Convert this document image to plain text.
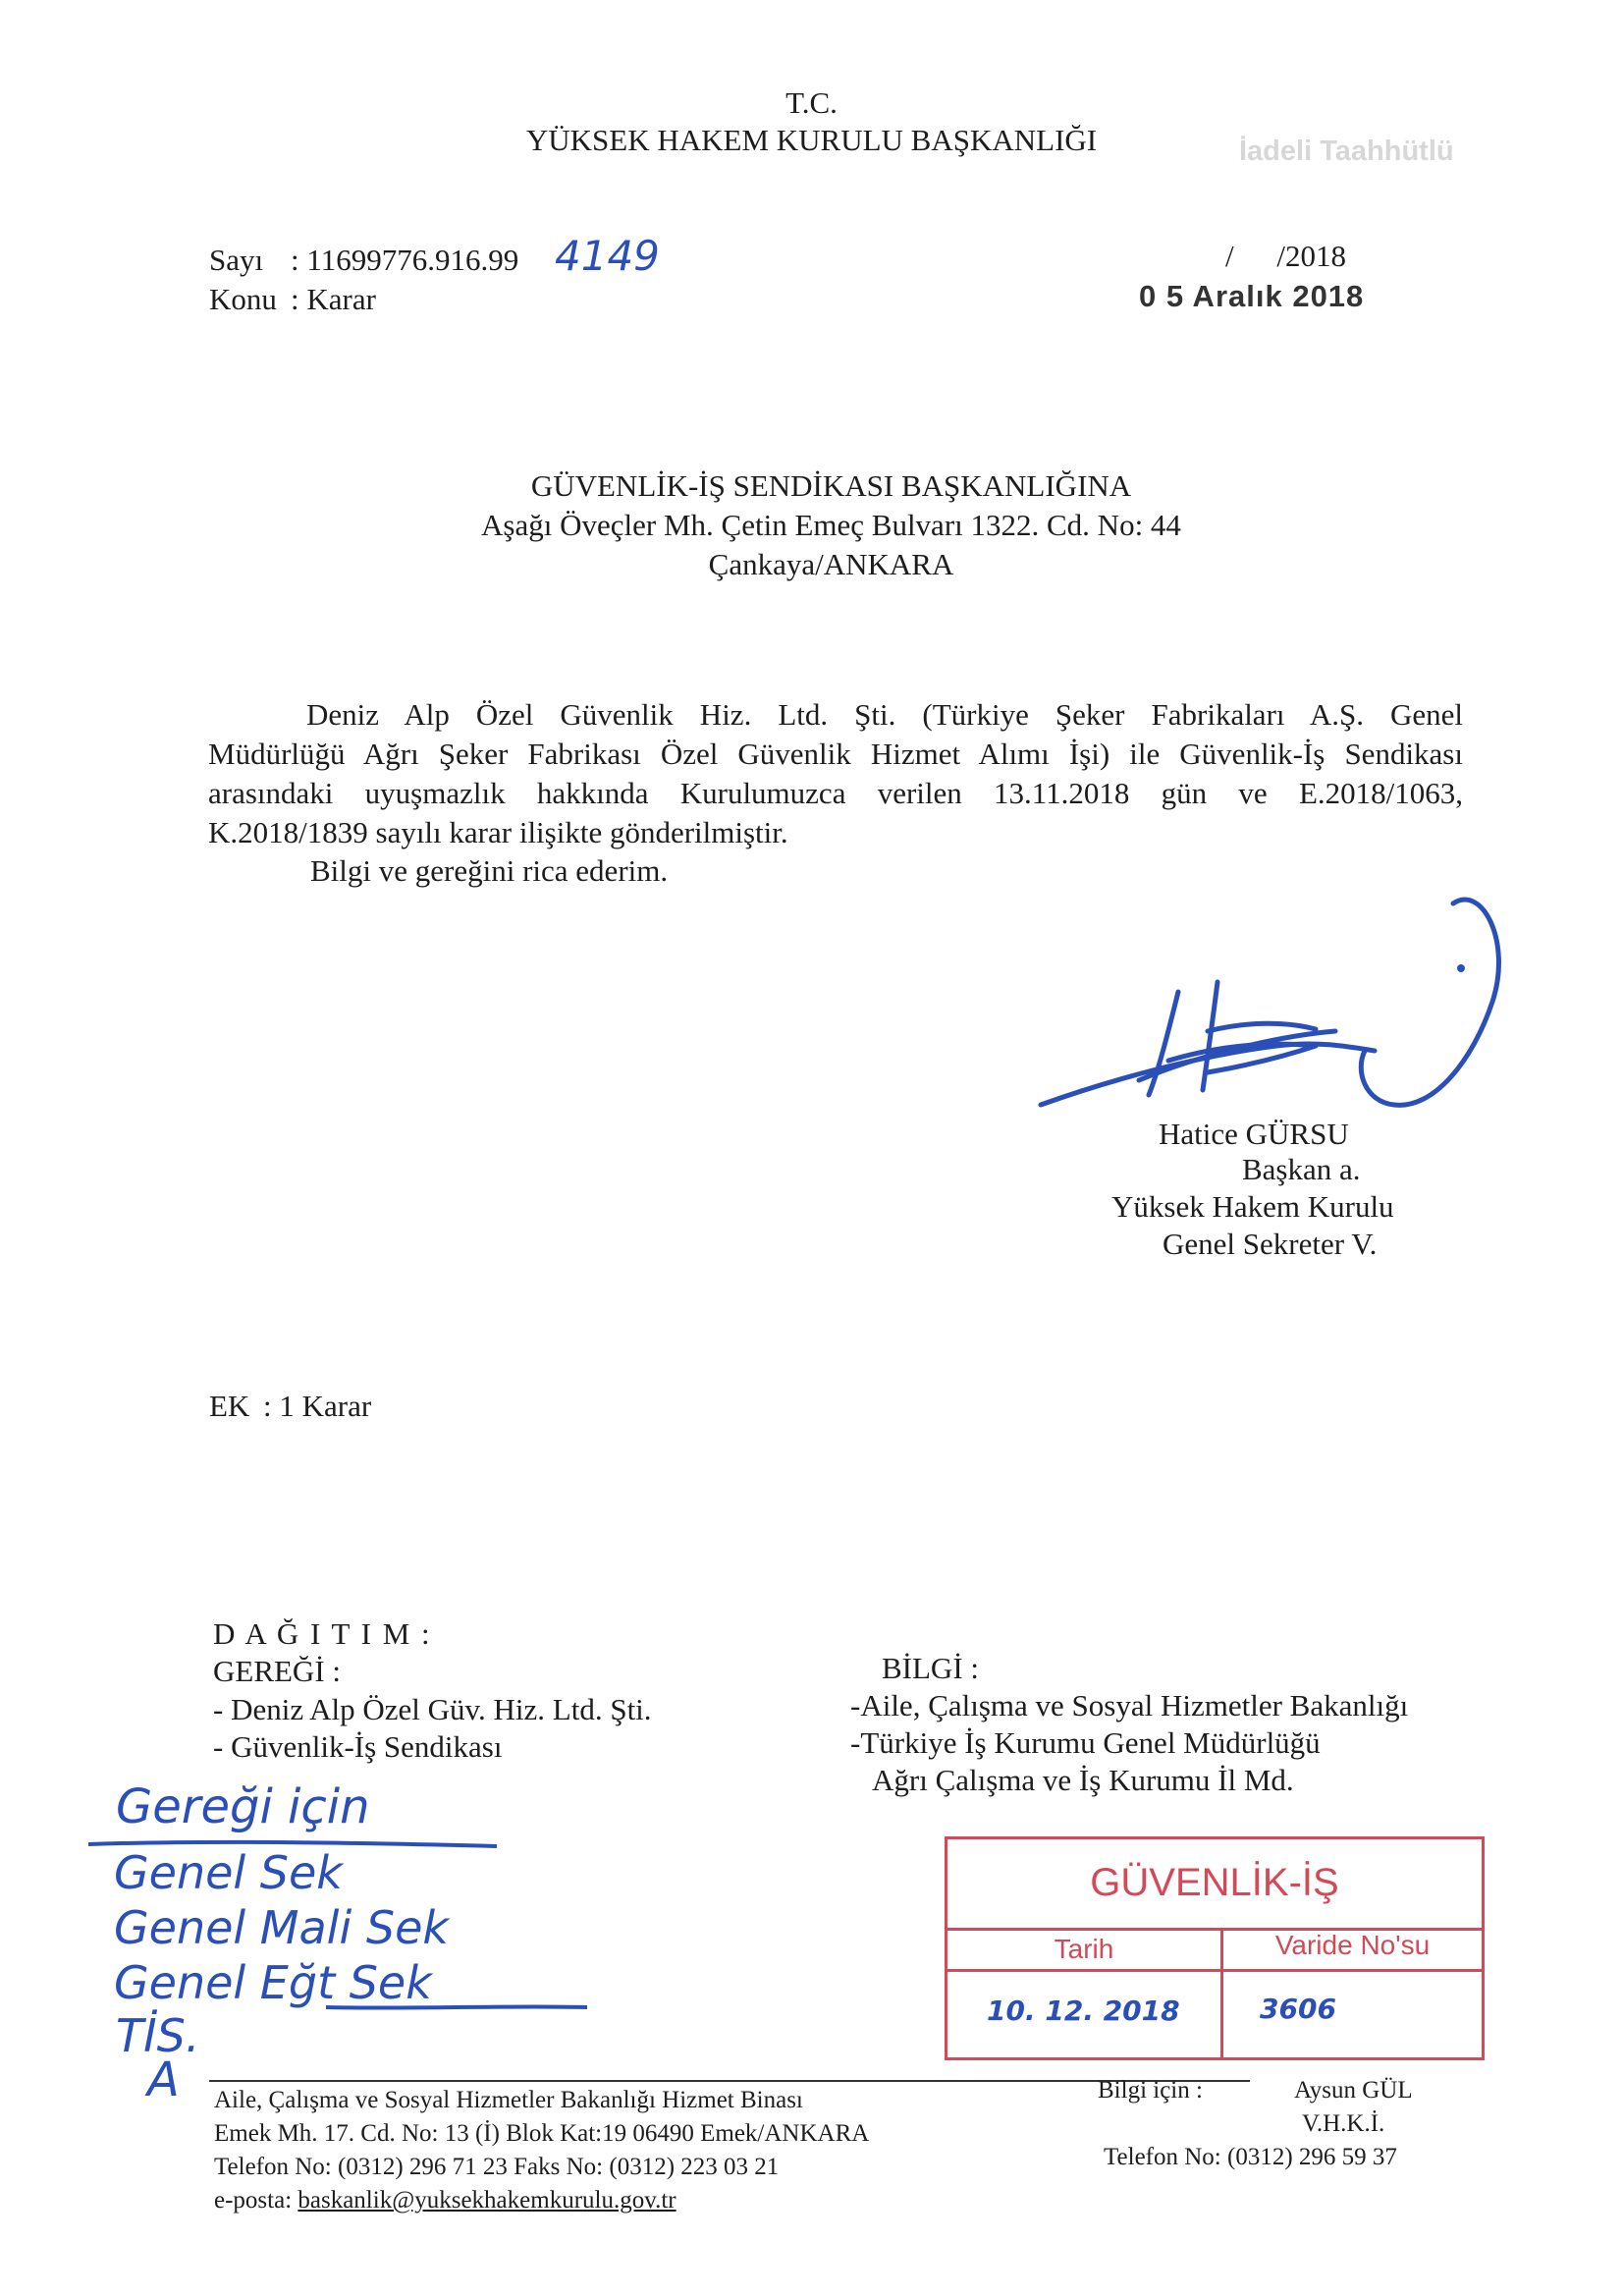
T.C.
YÜKSEK HAKEM KURULU BAŞKANLIĞI	İadeli Taahhütlü
Sayı : 11699776.916.99 4149
Konu : Karar
/ /2018
0 5 Aralık 2018
GÜVENLİK-İŞ SENDİKASI BAŞKANLIĞINA
Aşağı Öveçler Mh. Çetin Emeç Bulvarı 1322. Cd. No: 44
Çankaya/ANKARA
Deniz Alp Özel Güvenlik Hiz. Ltd. Şti. (Türkiye Şeker Fabrikaları A.Ş. Genel
Müdürlüğü Ağrı Şeker Fabrikası Özel Güvenlik Hizmet Alımı İşi) ile Güvenlik-İş Sendikası
arasındaki uyuşmazlık hakkında Kurulumuzca verilen 13.11.2018 gün ve E.2018/1063,
K.2018/1839 sayılı karar ilişikte gönderilmiştir.
Bilgi ve gereğini rica ederim.
Hatice GÜRSU
Başkan a.
Yüksek Hakem Kurulu
Genel Sekreter V.
EK : 1 Karar
D A Ğ I T I M :
GEREĞİ :
- Deniz Alp Özel Güv. Hiz. Ltd. Şti.
- Güvenlik-İş Sendikası
BİLGİ :
-Aile, Çalışma ve Sosyal Hizmetler Bakanlığı
-Türkiye İş Kurumu Genel Müdürlüğü
Ağrı Çalışma ve İş Kurumu İl Md.
Gereği için
Genel Sek
Genel Mali Sek
Genel Eğt Sek
TİS.
A
GÜVENLİK-İŞ
Tarih	Varide No'su
10. 12. 2018	3606
Aile, Çalışma ve Sosyal Hizmetler Bakanlığı Hizmet Binası
Emek Mh. 17. Cd. No: 13 (İ) Blok Kat:19 06490 Emek/ANKARA
Telefon No: (0312) 296 71 23 Faks No: (0312) 223 03 21
e-posta: baskanlik@yuksekhakemkurulu.gov.tr
Bilgi için :	Aysun GÜL
V.H.K.İ.
Telefon No: (0312) 296 59 37
